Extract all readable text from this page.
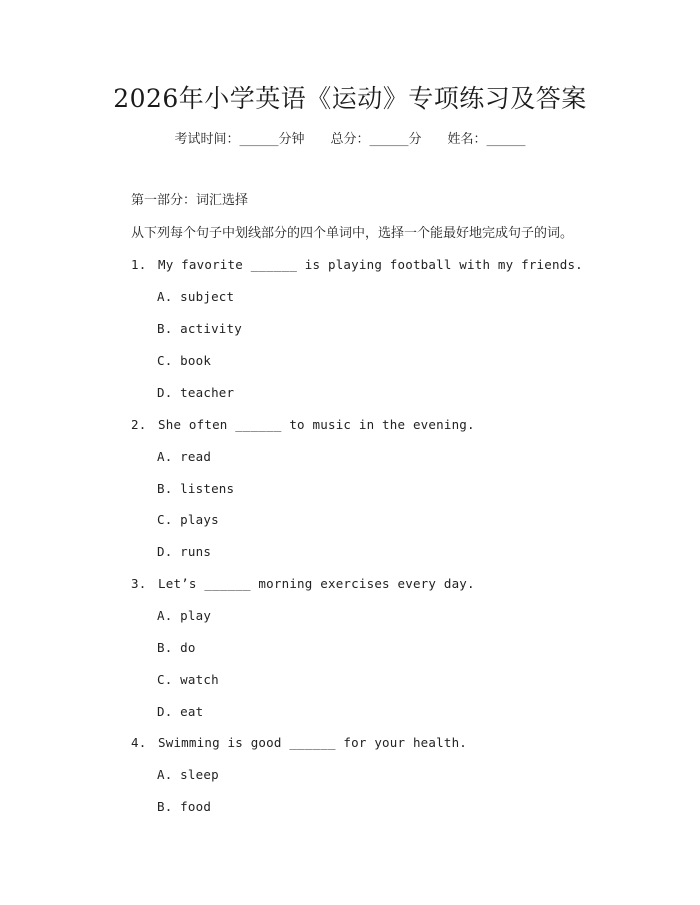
2026年小学英语《运动》专项练习及答案
考试时间：______分钟 总分：______分 姓名：______
第一部分：词汇选择
从下列每个句子中划线部分的四个单词中，选择一个能最好地完成句子的词。
1. My favorite ______ is playing football with my friends.
A. subject
B. activity
C. book
D. teacher
2. She often ______ to music in the evening.
A. read
B. listens
C. plays
D. runs
3. Let’s ______ morning exercises every day.
A. play
B. do
C. watch
D. eat
4. Swimming is good ______ for your health.
A. sleep
B. food
